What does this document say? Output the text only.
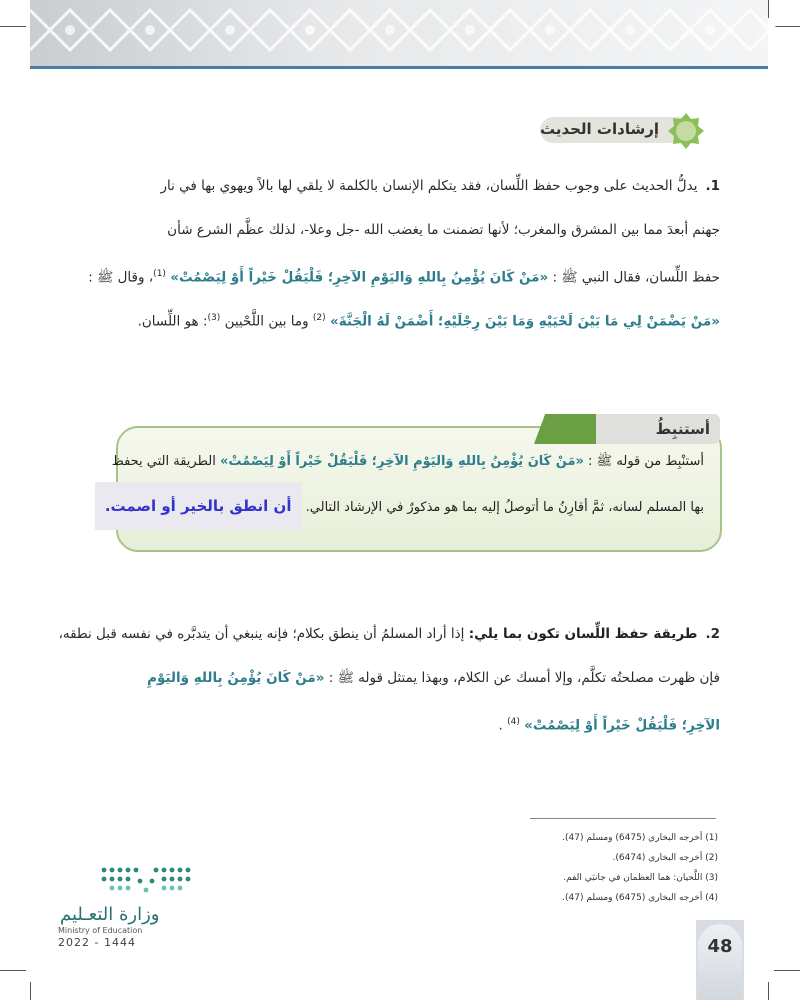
إرشادات الحديث
1.يدلُّ الحديث على وجوب حفظ اللِّسان، فقد يتكلم الإنسان بالكلمة لا يلقي لها بالاً ويهوي بها في نار
جهنم أبعدَ مما بين المشرق والمغرب؛ لأنها تضمنت ما يغضب الله -جل وعلا-، لذلك عظَّم الشرع شأن
حفظ اللِّسان، فقال النبي ﷺ : «مَنْ كَانَ يُؤْمِنُ بِاللهِ وَاليَوْمِ الآخِرِ؛ فَلْيَقُلْ خَيْراً أَوْ لِيَصْمُتْ» $^{(1)}$، وقال ﷺ :
«مَنْ يَضْمَنْ لِي مَا بَيْنَ لَحْيَيْهِ وَمَا بَيْنَ رِجْلَيْهِ؛ أَضْمَنْ لَهُ الْجَنَّةَ» $^{(2)}$ وما بين اللَّحْيين $^{(3)}$: هو اللِّسان.
أستنْبِط من قوله ﷺ : «مَنْ كَانَ يُؤْمِنُ بِاللهِ وَاليَوْمِ الآخِرِ؛ فَلْيَقُلْ خَيْراً أَوْ لِيَصْمُتْ» الطريقة التي يحفظ
بها المسلم لسانه، ثمَّ أقارِنُ ما أتوصلُ إليه بما هو مذكورٌ في الإرشاد التالي. أن انطق بالخير أو اصمت.
أستنبِطُ
2.طريقة حفظ اللِّسان تكون بما يلي: إذا أراد المسلمُ أن ينطق بكلام؛ فإنه ينبغي أن يتدبَّره في نفسه قبل نطقه،
فإن ظهرت مصلحتُه تكلَّم، وإلا أمسك عن الكلام، وبهذا يمتثل قوله ﷺ : «مَنْ كَانَ يُؤْمِنُ بِاللهِ وَاليَوْمِ
الآخِرِ؛ فَلْيَقُلْ خَيْراً أَوْ لِيَصْمُتْ» $^{(4)}$ .
(1) أخرجه البخاري (6475) ومسلم (47).
(2) أخرجه البخاري (6474).
(3) اللَّحيان: هما العظمان في جانبَي الفم.
(4) أخرجه البخاري (6475) ومسلم (47).
وزارة التعـليم
Ministry of Education
2022 - 1444	48
